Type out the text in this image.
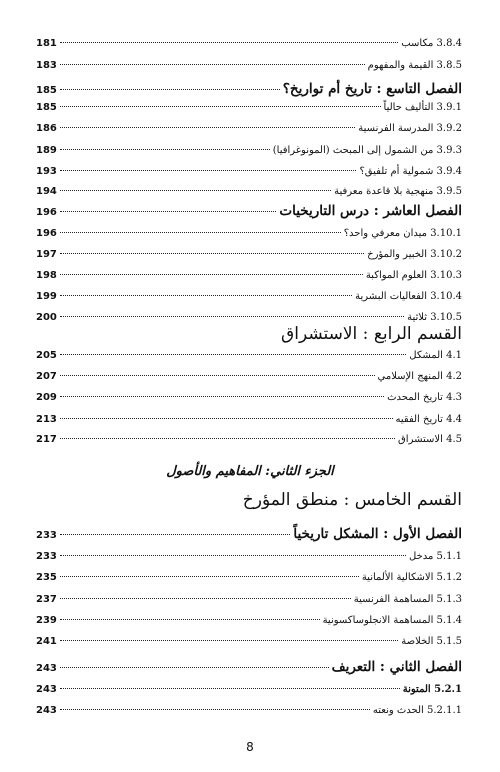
3.8.4 مكاسب
181
3.8.5 القيمة والمفهوم
183
الفصل التاسع : تاريخ أم تواريخ؟
185
3.9.1 التأليف حالياً
185
3.9.2 المدرسة الفرنسية
186
3.9.3 من الشمول إلى المبحث (المونوغرافيا)
189
3.9.4 شمولية أم تلفيق؟
193
3.9.5 منهجية بلا قاعدة معرفية
194
الفصل العاشر : درس التاريخيات
196
3.10.1 ميدان معرفي واحد؟
196
3.10.2 الخبير والمؤرخ
197
3.10.3 العلوم المواكبة
198
3.10.4 الفعاليات البشرية
199
3.10.5 ثلاثية
200
القسم الرابع : الاستشراق
4.1 المشكل
205
4.2 المنهج الإسلامي
207
4.3 تاريخ المحدث
209
4.4 تاريخ الفقيه
213
4.5 الاستشراق
217
الجزء الثاني: المفاهيم والأصول
القسم الخامس : منطق المؤرخ
الفصل الأول : المشكل تاريخياً
233
5.1.1 مدخل
233
5.1.2 الاشكالية الألمانية
235
5.1.3 المساهمة الفرنسية
237
5.1.4 المساهمة الانجلوساكسونية
239
5.1.5 الخلاصة
241
الفصل الثاني : التعريف
243
5.2.1 المتونة
243
5.2.1.1 الحدث ونعته
243
8
